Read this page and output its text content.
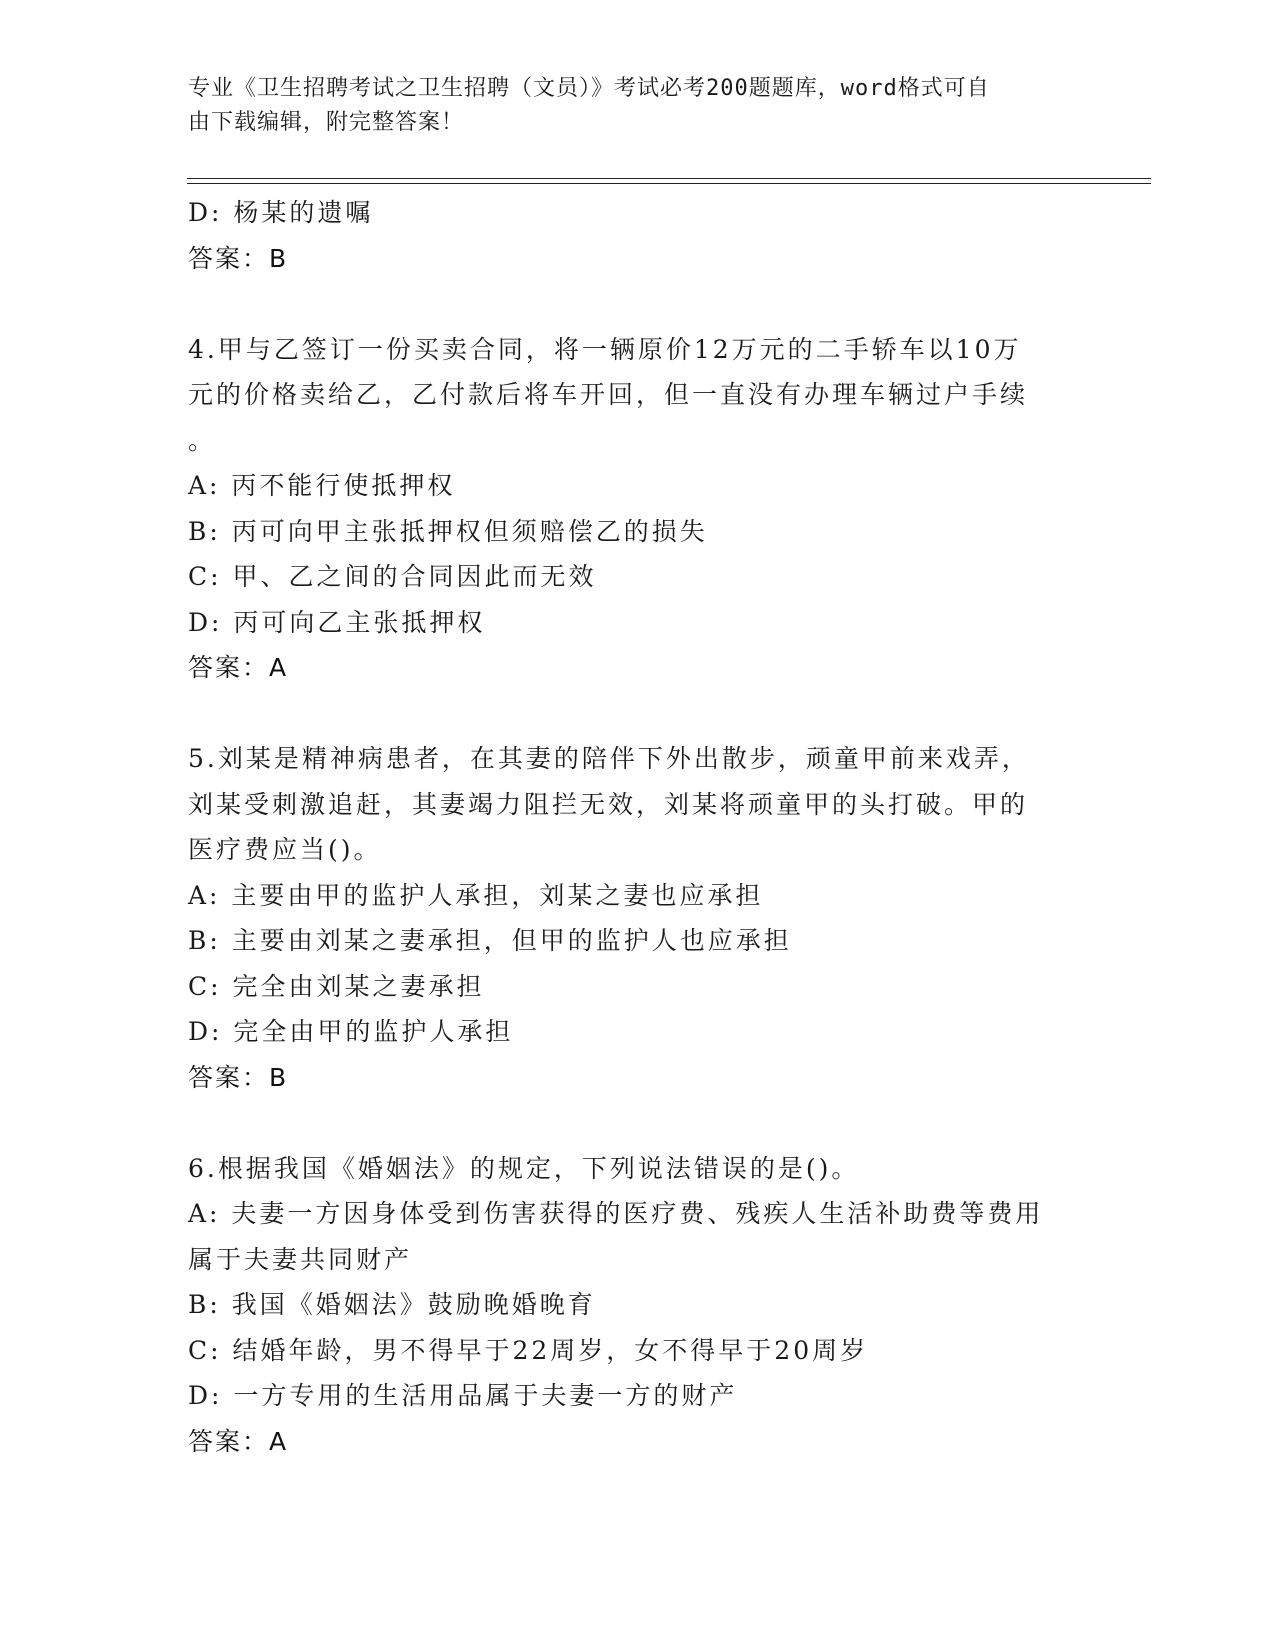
专业《卫生招聘考试之卫生招聘（文员）》考试必考200题题库，word格式可自
由下载编辑，附完整答案！
D: 杨某的遗嘱
答案：B
4.甲与乙签订一份买卖合同，将一辆原价12万元的二手轿车以10万
元的价格卖给乙，乙付款后将车开回，但一直没有办理车辆过户手续
。
A: 丙不能行使抵押权
B: 丙可向甲主张抵押权但须赔偿乙的损失
C: 甲、乙之间的合同因此而无效
D: 丙可向乙主张抵押权
答案：A
5.刘某是精神病患者，在其妻的陪伴下外出散步，顽童甲前来戏弄，
刘某受刺激追赶，其妻竭力阻拦无效，刘某将顽童甲的头打破。甲的
医疗费应当()。
A: 主要由甲的监护人承担，刘某之妻也应承担
B: 主要由刘某之妻承担，但甲的监护人也应承担
C: 完全由刘某之妻承担
D: 完全由甲的监护人承担
答案：B
6.根据我国《婚姻法》的规定，下列说法错误的是()。
A: 夫妻一方因身体受到伤害获得的医疗费、残疾人生活补助费等费用
属于夫妻共同财产
B: 我国《婚姻法》鼓励晚婚晚育
C: 结婚年龄，男不得早于22周岁，女不得早于20周岁
D: 一方专用的生活用品属于夫妻一方的财产
答案：A
